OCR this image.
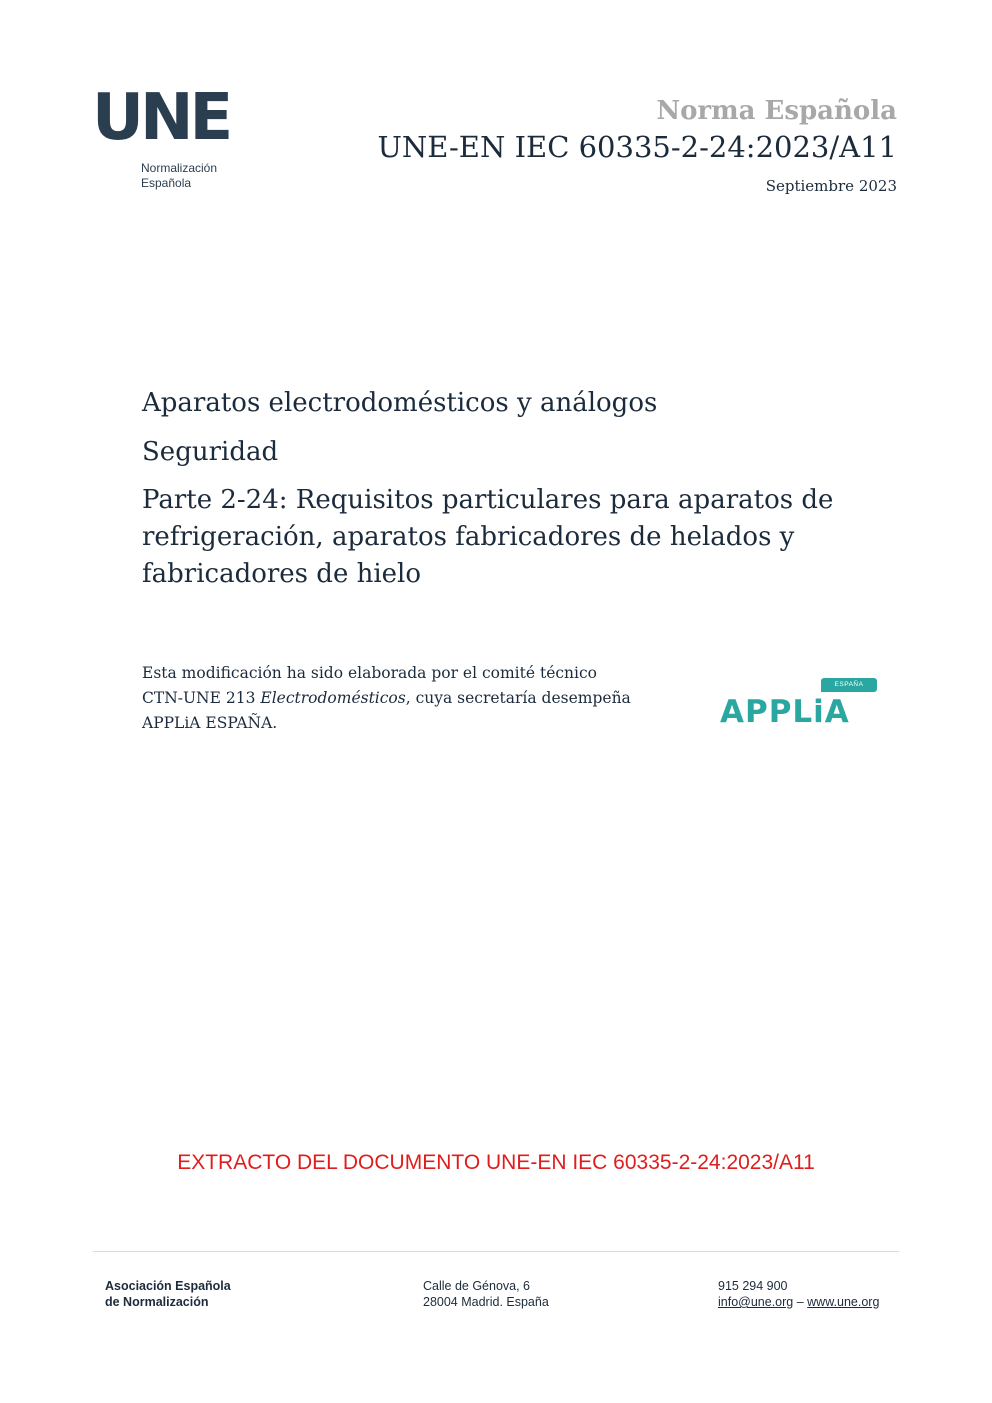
UNE
Normalización
Española
Norma Española
UNE-EN IEC 60335-2-24:2023/A11
Septiembre 2023
Aparatos electrodomésticos y análogos
Seguridad
Parte 2-24: Requisitos particulares para aparatos de refrigeración, aparatos fabricadores de helados y fabricadores de hielo
Esta modificación ha sido elaborada por el comité técnico
CTN-UNE 213 Electrodomésticos, cuya secretaría desempeña
APPLiA ESPAÑA.
ESPAÑA
APPLiA
EXTRACTO DEL DOCUMENTO UNE-EN IEC 60335-2-24:2023/A11
Asociación Española
de Normalización
Calle de Génova, 6
28004 Madrid. España
915 294 900
info@une.org – www.une.org
